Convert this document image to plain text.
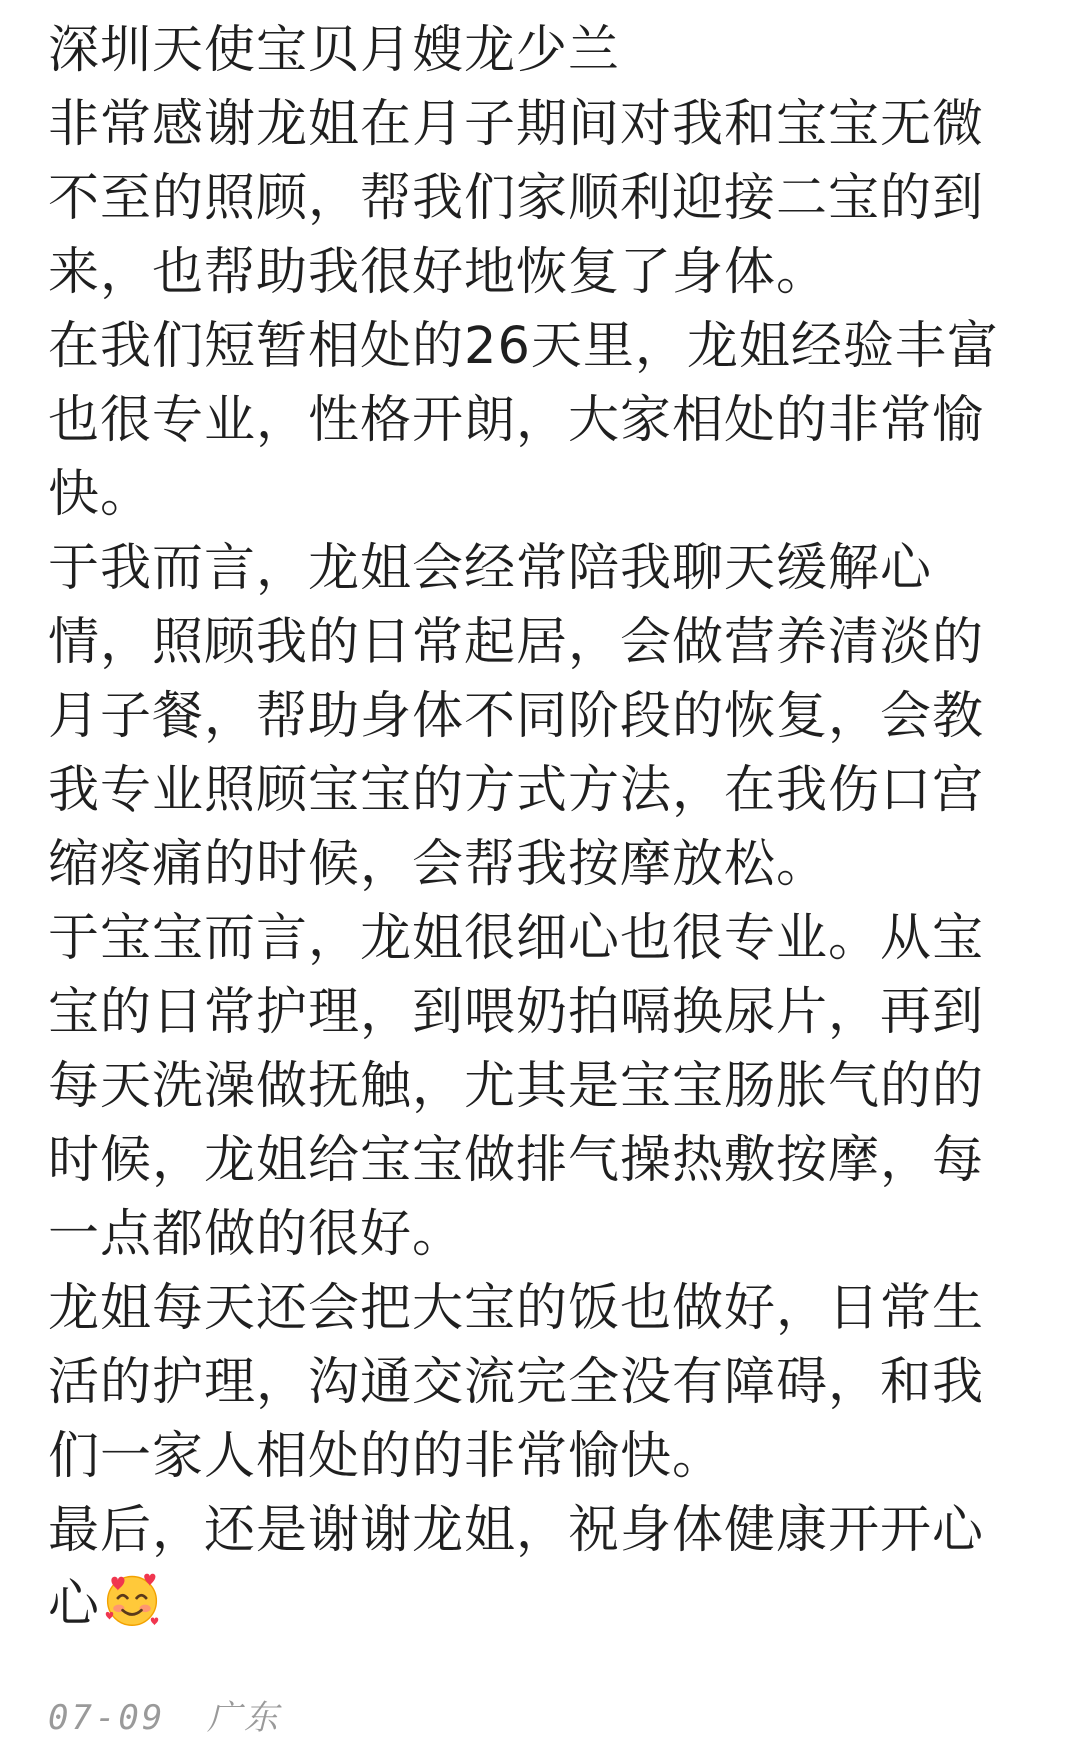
深圳天使宝贝月嫂龙少兰

非常感谢龙姐在月子期间对我和宝宝无微不至的照顾，帮我们家顺利迎接二宝的到来，也帮助我很好地恢复了身体。

在我们短暂相处的26天里，龙姐经验丰富也很专业，性格开朗，大家相处的非常愉快。

于我而言，龙姐会经常陪我聊天缓解心情，照顾我的日常起居，会做营养清淡的月子餐，帮助身体不同阶段的恢复，会教我专业照顾宝宝的方式方法，在我伤口宫缩疼痛的时候，会帮我按摩放松。

于宝宝而言，龙姐很细心也很专业。从宝宝的日常护理，到喂奶拍嗝换尿片，再到每天洗澡做抚触，尤其是宝宝肠胀气的的时候，龙姐给宝宝做排气操热敷按摩，每一点都做的很好。

龙姐每天还会把大宝的饭也做好，日常生活的护理，沟通交流完全没有障碍，和我们一家人相处的的非常愉快。

最后，还是谢谢龙姐，祝身体健康开开心心

07-09 广东
